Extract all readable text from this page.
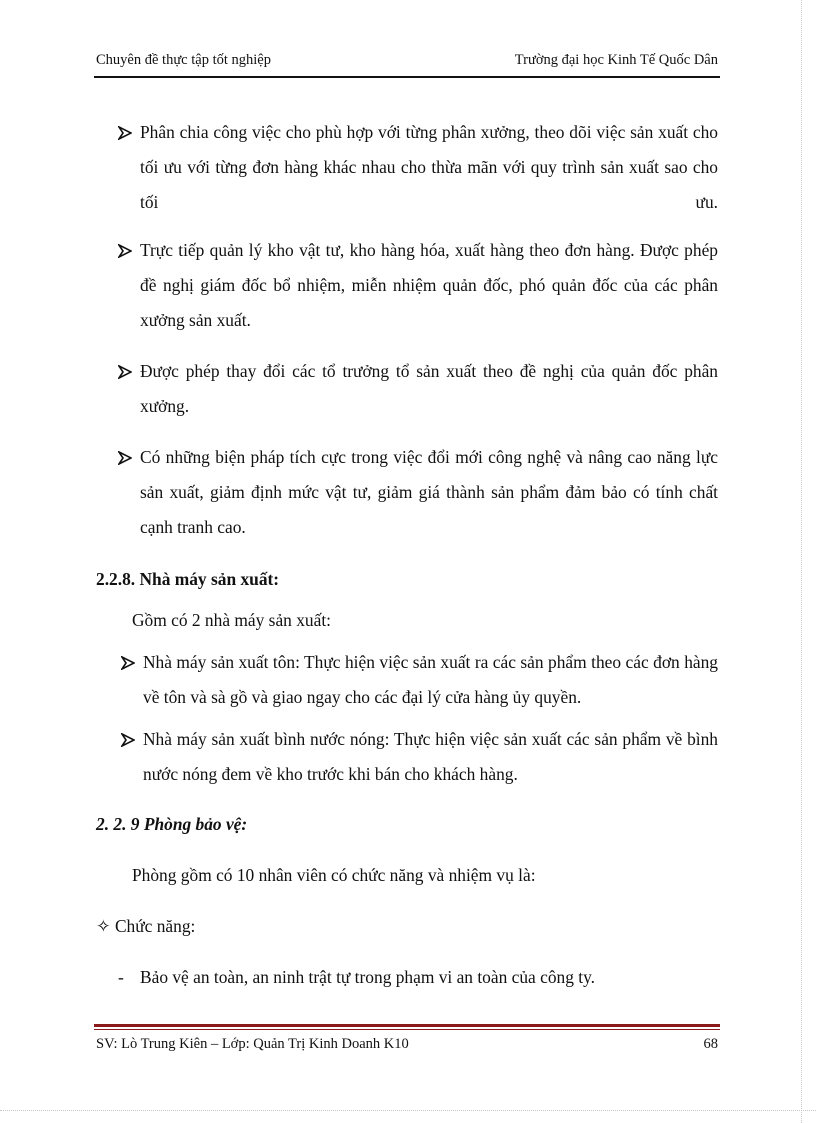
Chuyên đề thực tập tốt nghiệp	Trường đại học Kinh Tế Quốc Dân
Phân chia công việc cho phù hợp với từng phân xưởng, theo dõi việc sản xuất cho tối ưu với từng đơn hàng khác nhau cho thừa mãn với quy trình sản xuất sao cho tối ưu.
Trực tiếp quản lý kho vật tư, kho hàng hóa, xuất hàng theo đơn hàng. Được phép đề nghị giám đốc bổ nhiệm, miễn nhiệm quản đốc, phó quản đốc của các phân xưởng sản xuất.
Được phép thay đổi các tổ trưởng tổ sản xuất theo đề nghị của quản đốc phân xưởng.
Có những biện pháp tích cực trong việc đổi mới công nghệ và nâng cao năng lực sản xuất, giảm định mức vật tư, giảm giá thành sản phẩm đảm bảo có tính chất cạnh tranh cao.
2.2.8. Nhà máy sản xuất:
Gồm có 2 nhà máy sản xuất:
Nhà máy sản xuất tôn: Thực hiện việc sản xuất ra các sản phẩm theo các đơn hàng về tôn và sà gồ và giao ngay cho các đại lý cửa hàng ủy quyền.
Nhà máy sản xuất bình nước nóng: Thực hiện việc sản xuất các sản phẩm về bình nước nóng đem về kho trước khi bán cho khách hàng.
2. 2. 9 Phòng bảo vệ:
Phòng gồm có 10 nhân viên có chức năng và nhiệm vụ là:
✧ Chức năng:
- Bảo vệ an toàn, an ninh trật tự trong phạm vi an toàn của công ty.
SV: Lò Trung Kiên – Lớp: Quản Trị Kinh Doanh K10	68
